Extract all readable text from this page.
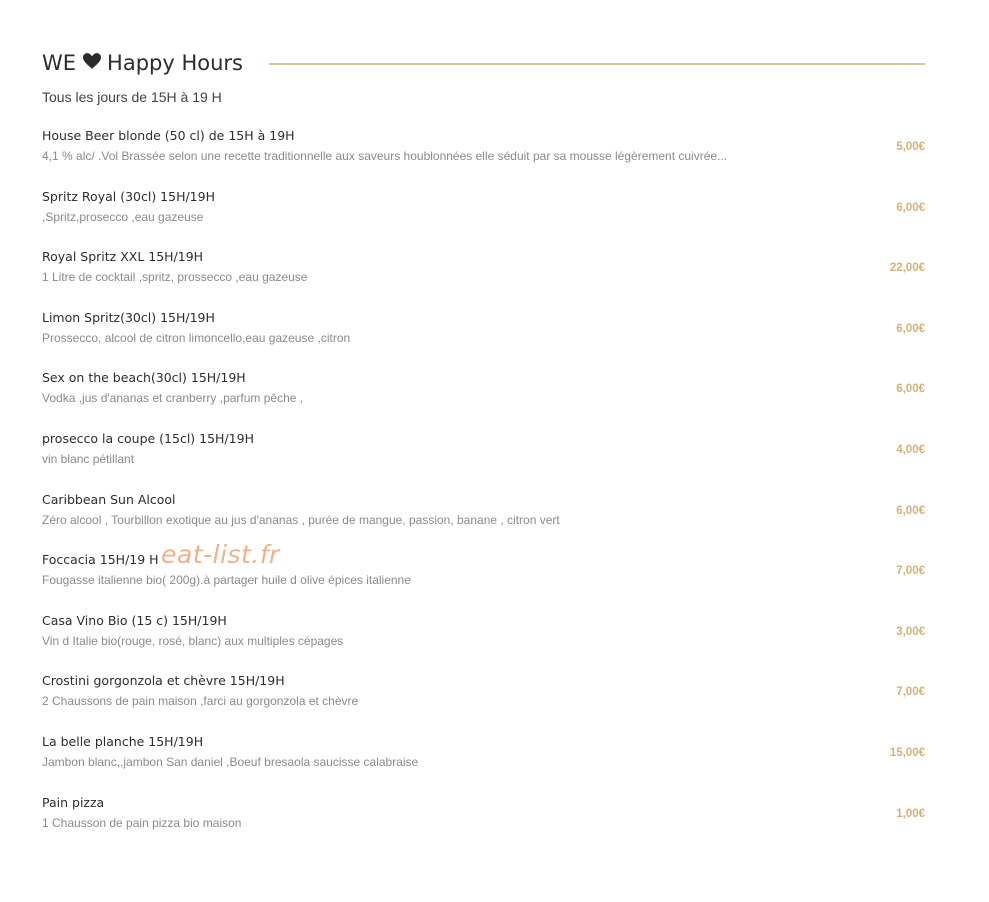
WE Happy Hours
Tous les jours de 15H à 19 H
House Beer blonde (50 cl) de 15H à 19H
4,1 % alc/ .Vol Brassée selon une recette traditionnelle aux saveurs houblonnées elle séduit par sa mousse légèrement cuivrée...
5,00€
Spritz Royal (30cl) 15H/19H
,Spritz,prosecco ,eau gazeuse
6,00€
Royal Spritz XXL 15H/19H
1 Litre de cocktail ,spritz, prossecco ,eau gazeuse
22,00€
Limon Spritz(30cl) 15H/19H
Prossecco, alcool de citron limoncello,eau gazeuse ,citron
6,00€
Sex on the beach(30cl) 15H/19H
Vodka ,jus d'ananas et cranberry ,parfum pêche ,
6,00€
prosecco la coupe (15cl) 15H/19H
vin blanc pétillant
4,00€
Caribbean Sun Alcool
Zéro alcool , Tourbillon exotique au jus d'ananas , purée de mangue, passion, banane , citron vert
6,00€
Foccacia 15H/19 H
Fougasse italienne bio( 200g).à partager huile d olive épices italienne
7,00€
Casa Vino Bio (15 c) 15H/19H
Vin d Italie bio(rouge, rosé, blanc) aux multiples cépages
3,00€
Crostini gorgonzola et chèvre 15H/19H
2 Chaussons de pain maison ,farci au gorgonzola et chèvre
7,00€
La belle planche 15H/19H
Jambon blanc,,jambon San daniel ,Boeuf bresaola saucisse calabraise
15,00€
Pain pizza
1 Chausson de pain pizza bio maison
1,00€
eat-list.fr
